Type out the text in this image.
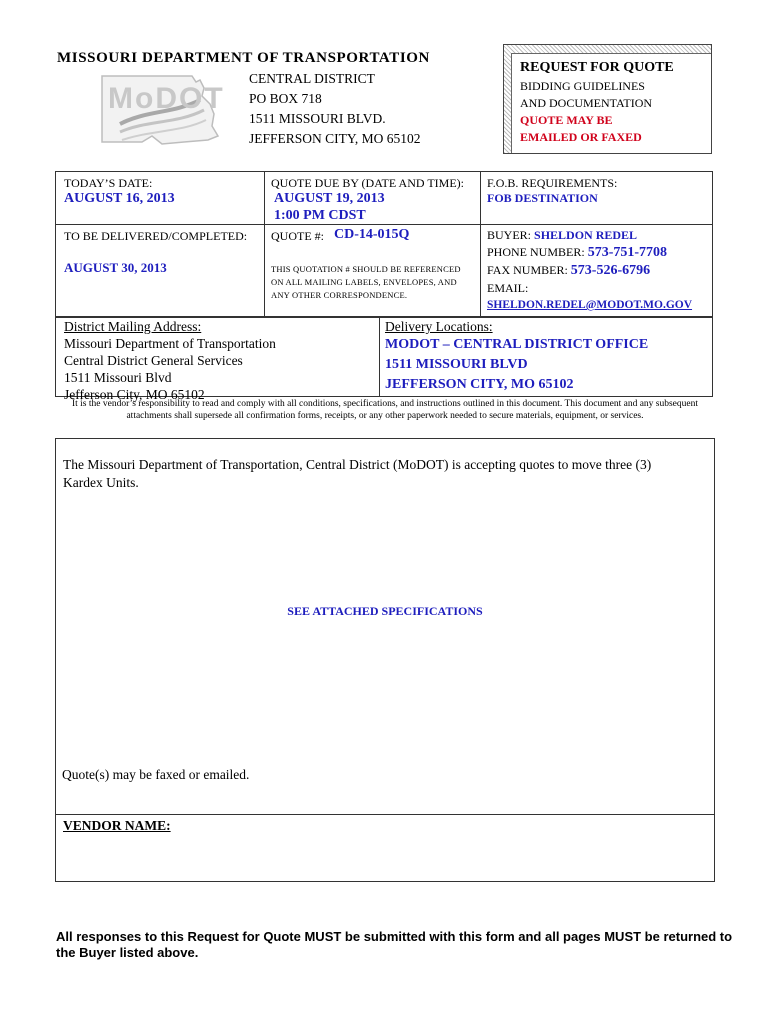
MISSOURI DEPARTMENT OF TRANSPORTATION
MoDOT
CENTRAL DISTRICT
PO BOX 718
1511 MISSOURI BLVD.
JEFFERSON CITY, MO 65102
REQUEST FOR QUOTE
BIDDING GUIDELINES
AND DOCUMENTATION
QUOTE MAY BE
EMAILED OR FAXED
TODAY’S DATE:
AUGUST 16, 2013
TO BE DELIVERED/COMPLETED:
AUGUST 30, 2013
QUOTE DUE BY (DATE AND TIME):
AUGUST 19, 2013
1:00 PM CDST
QUOTE #: CD-14-015Q
THIS QUOTATION # SHOULD BE REFERENCED ON ALL MAILING LABELS, ENVELOPES, AND ANY OTHER CORRESPONDENCE.
F.O.B. REQUIREMENTS:
FOB DESTINATION
BUYER: SHELDON REDEL
PHONE NUMBER: 573-751-7708
FAX NUMBER: 573-526-6796
EMAIL:
SHELDON.REDEL@MODOT.MO.GOV
District Mailing Address:
Missouri Department of Transportation
Central District General Services
1511 Missouri Blvd
Jefferson City, MO 65102
Delivery Locations:
MODOT – CENTRAL DISTRICT OFFICE
1511 MISSOURI BLVD
JEFFERSON CITY, MO 65102
It is the vendor’s responsibility to read and comply with all conditions, specifications, and instructions outlined in this document. This document and any subsequent attachments shall supersede all confirmation forms, receipts, or any other paperwork needed to secure materials, equipment, or services.
The Missouri Department of Transportation, Central District (MoDOT) is accepting quotes to move three (3) Kardex Units.
SEE ATTACHED SPECIFICATIONS
Quote(s) may be faxed or emailed.
VENDOR NAME:
All responses to this Request for Quote MUST be submitted with this form and all pages MUST be returned to the Buyer listed above.
